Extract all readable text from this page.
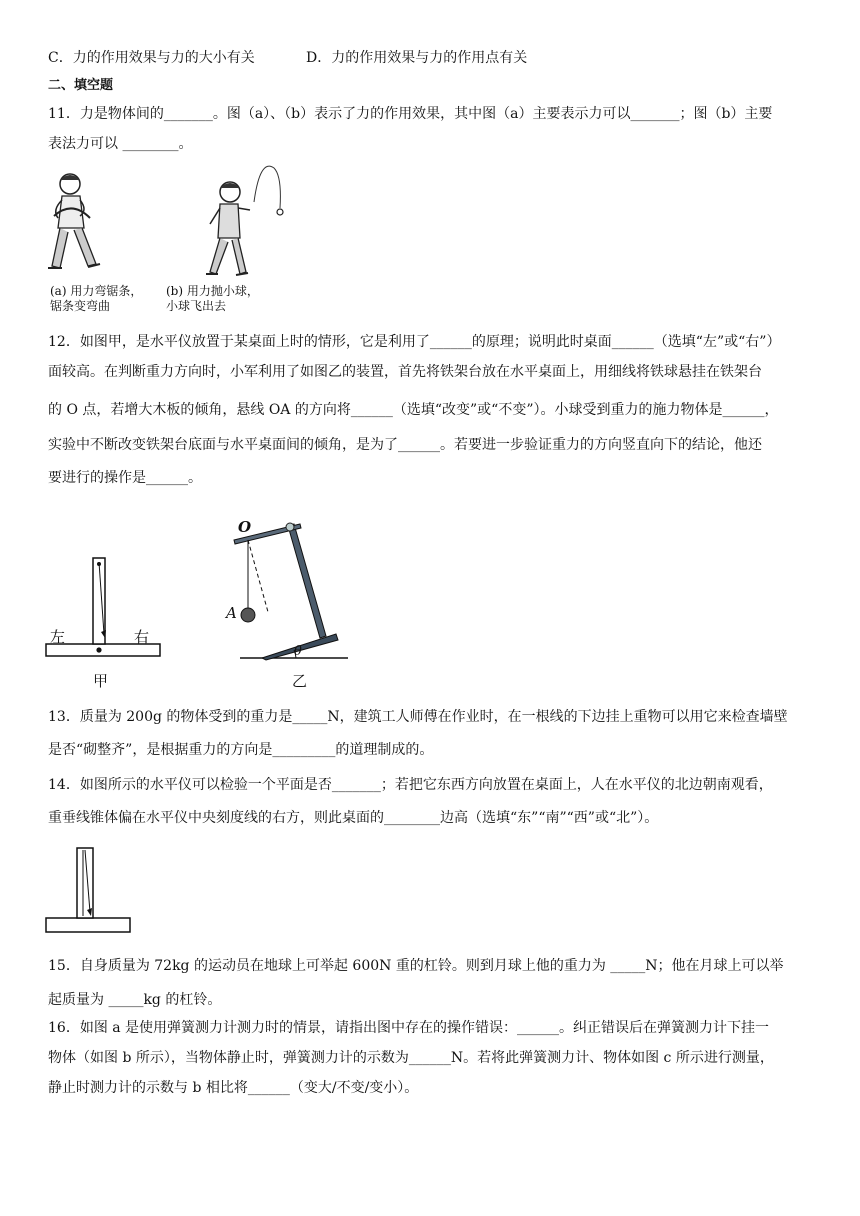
C．力的作用效果与力的大小有关	D．力的作用效果与力的作用点有关
二、填空题
11．力是物体间的_______。图（a）、（b）表示了力的作用效果，其中图（a）主要表示力可以_______；图（b）主要
表法力可以 ________。
(a) 用力弯锯条，
锯条变弯曲
(b) 用力抛小球，
小球飞出去
12．如图甲，是水平仪放置于某桌面上时的情形，它是利用了______的原理；说明此时桌面______（选填“左”或“右”）
面较高。在判断重力方向时，小军利用了如图乙的装置，首先将铁架台放在水平桌面上，用细线将铁球悬挂在铁架台
的 O 点，若增大木板的倾角，悬线 OA 的方向将______（选填“改变”或“不变”）。小球受到重力的施力物体是______，
实验中不断改变铁架台底面与水平桌面间的倾角，是为了______。若要进一步验证重力的方向竖直向下的结论，他还
要进行的操作是______。
左	右
甲
O
A
θ
乙
13．质量为 200g 的物体受到的重力是_____N，建筑工人师傅在作业时，在一根线的下边挂上重物可以用它来检查墙壁
是否“砌整齐”，是根据重力的方向是_________的道理制成的。
14．如图所示的水平仪可以检验一个平面是否_______；若把它东西方向放置在桌面上，人在水平仪的北边朝南观看，
重垂线锥体偏在水平仪中央刻度线的右方，则此桌面的________边高（选填“东”“南”“西”或“北”）。
15．自身质量为 72kg 的运动员在地球上可举起 600N 重的杠铃。则到月球上他的重力为 _____N；他在月球上可以举
起质量为 _____kg 的杠铃。
16．如图 a 是使用弹簧测力计测力时的情景，请指出图中存在的操作错误：______。纠正错误后在弹簧测力计下挂一
物体（如图 b 所示），当物体静止时，弹簧测力计的示数为______N。若将此弹簧测力计、物体如图 c 所示进行测量，
静止时测力计的示数与 b 相比将______（变大/不变/变小）。
